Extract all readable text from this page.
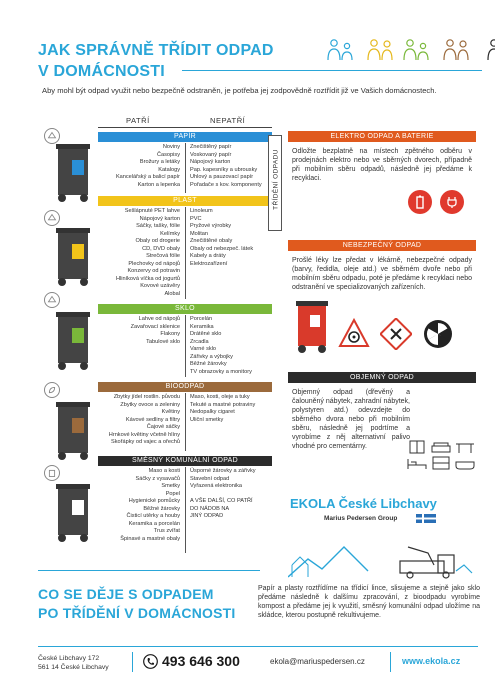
JAK SPRÁVNĚ TŘÍDIT ODPAD
V DOMÁCNOSTI
Aby mohl být odpad využit nebo bezpečně odstraněn, je potřeba jej zodpovědně roztřídit již ve Vašich domácnostech.
PATŘÍ	NEPATŘÍ
PAPÍR
Noviny
Časopisy
Brožury a letáky
Katalogy
Kancelářský a balicí papír
Karton a lepenka
Znečištěný papír
Voskovaný papír
Nápojový karton
Pap. kapesníky a ubrousky
Uhlový a pauzovací papír
Pořadače s kov. komponenty
PLAST
Sešlápnuté PET lahve
Nápojový karton
Sáčky, tašky, fólie
Kelímky
Obaly od drogerie
CD, DVD obaly
Strečová fólie
Plechovky od nápojů
Konzervy od potravin
Hliníková víčka od jogurtů
Kovové uzávěry
Alobal
Linoleum
PVC
Pryžové výrobky
Molitan
Znečištěné obaly
Obaly od nebezpeč. látek
Kabely a dráty
Elektrozařízení
SKLO
Lahve od nápojů
Zavařovací sklenice
Flakony
Tabulové sklo
Porcelán
Keramika
Drátěné sklo
Zrcadla
Varné sklo
Zářivky a výbojky
Běžné žárovky
TV obrazovky a monitory
BIOODPAD
Zbytky jídel rostlin. původu
Zbytky ovoce a zeleniny
Květiny
Kávové sedliny a filtry
Čajové sáčky
Hrnkové květiny včetně hlíny
Skořápky od vajec a ořechů
Maso, kosti, oleje a tuky
Tekuté a mastné potraviny
Nedopalky cigaret
Uliční smetky
SMĚSNÝ KOMUNÁLNÍ ODPAD
Maso a kosti
Sáčky z vysavačů
Smetky
Popel
Hygienické pomůcky
Běžné žárovky
Čisticí utěrky a houby
Keramika a porcelán
Trus zvířat
Špinavé a mastné obaly
Úsporné žárovky a zářivky
Stavební odpad
Vyřazená elektronika
A VŠE DALŠÍ, CO PATŘÍ
DO NÁDOB NA
JINÝ ODPAD
TŘÍDĚNÍ ODPADU
ELEKTRO ODPAD A BATERIE
Odložte bezplatně na místech zpětného odběru v prodejnách elektro nebo ve sběrných dvorech, případně při mobilním sběru odpadů, následně jej předáme k recyklaci.
NEBEZPEČNÝ ODPAD
Prošlé léky lze předat v lékárně, nebezpečné odpady (barvy, ředidla, oleje atd.) ve sběrném dvoře nebo při mobilním sběru odpadu, poté je předáme k recyklaci nebo odstranění ve specializovaných zařízeních.
OBJEMNÝ ODPAD
Objemný odpad (dřevěný a čalouněný nábytek, zahradní nábytek, polystyren atd.) odevzdejte do sběrného dvora nebo při mobilním sběru, následně jej podrtíme a vyrobíme z něj alternativní palivo vhodné pro cementárny.
EKOLA České Libchavy
Marius Pedersen Group
CO SE DĚJE S ODPADEM
PO TŘÍDĚNÍ V DOMÁCNOSTI
Papír a plasty roztřídíme na třídicí lince, slisujeme a stejně jako sklo předáme následně k dalšímu zpracování, z bioodpadu vyrobíme kompost a předáme jej k využití, směsný komunální odpad uložíme na skládce, kterou postupně rekultivujeme.
České Libchavy 172
561 14 České Libchavy	493 646 300	ekola@mariuspedersen.cz	www.ekola.cz
